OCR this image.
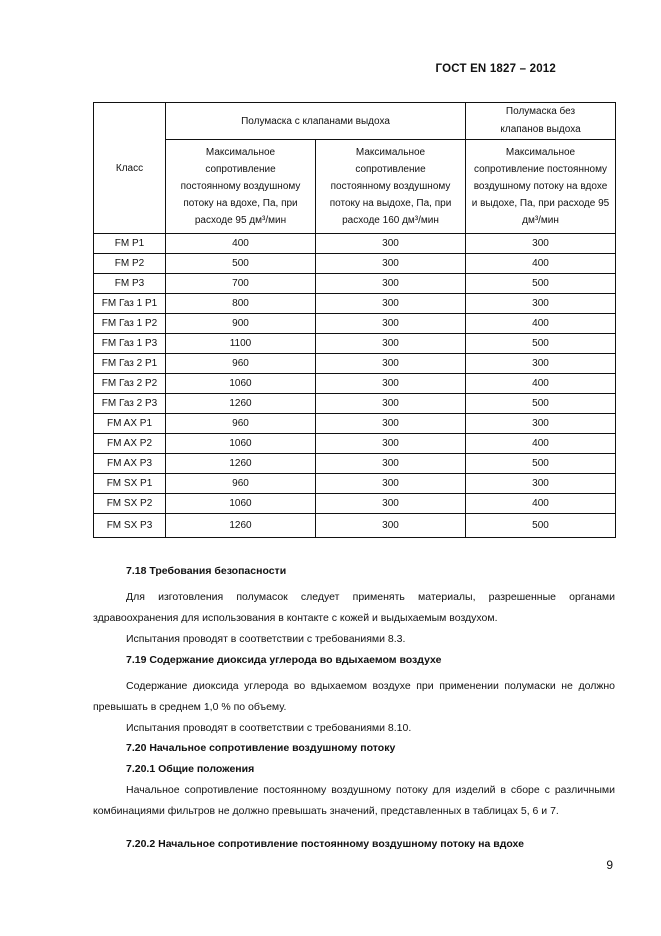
ГОСТ EN 1827 – 2012
Класс	Полумаска с клапанами выдоха		Полумаска без клапанов выдоха
	Максимальное сопротивление постоянному воздушному потоку на вдохе, Па, при расходе 95 дм³/мин	Максимальное сопротивление постоянному воздушному потоку на выдохе, Па, при расходе 160 дм³/мин	Максимальное сопротивление постоянному воздушному потоку на вдохе и выдохе, Па, при расходе 95 дм³/мин
FM P1	400	300	300
FM P2	500	300	400
FM P3	700	300	500
FM Газ 1 P1	800	300	300
FM Газ 1 P2	900	300	400
FM Газ 1 P3	1100	300	500
FM Газ 2 P1	960	300	300
FM Газ 2 P2	1060	300	400
FM Газ 2 P3	1260	300	500
FM AX P1	960	300	300
FM AX P2	1060	300	400
FM AX P3	1260	300	500
FM SX P1	960	300	300
FM SX P2	1060	300	400
FM SX P3	1260	300	500
7.18 Требования безопасности
Для изготовления полумасок следует применять материалы, разрешенные органами здравоохранения для использования в контакте с кожей и выдыхаемым воздухом.
Испытания проводят в соответствии с требованиями 8.3.
7.19 Содержание диоксида углерода во вдыхаемом воздухе
Содержание диоксида углерода во вдыхаемом воздухе при применении полумаски не должно превышать в среднем 1,0 % по объему.
Испытания проводят в соответствии с требованиями 8.10.
7.20 Начальное сопротивление воздушному потоку
7.20.1 Общие положения
Начальное сопротивление постоянному воздушному потоку для изделий в сборе с различными комбинациями фильтров не должно превышать значений, представленных в таблицах 5, 6 и 7.
7.20.2 Начальное сопротивление постоянному воздушному потоку на вдохе
9
